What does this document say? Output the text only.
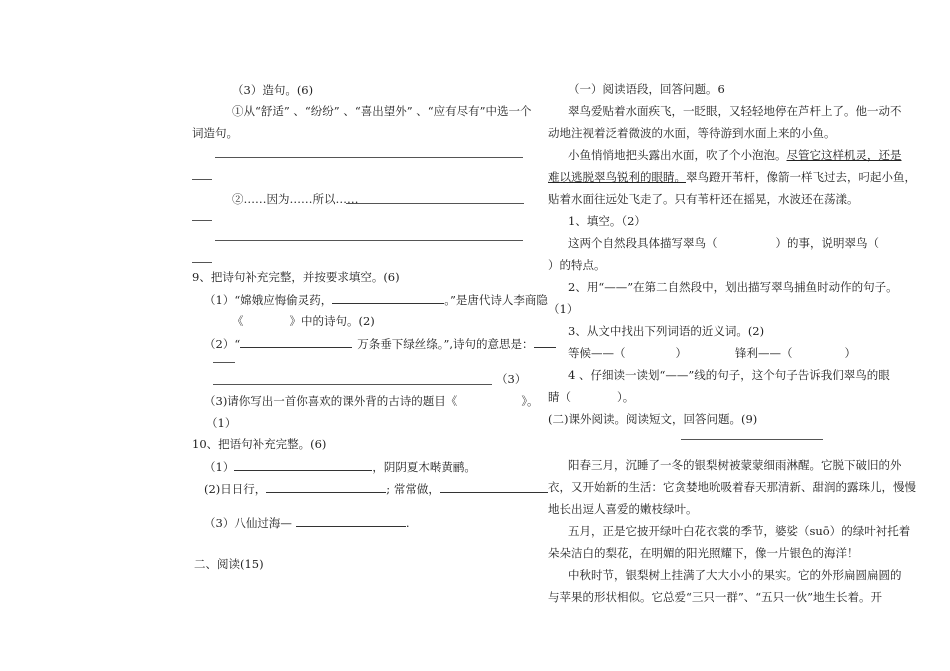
（3）造句。(6)
①从“舒适” 、“纷纷” 、“喜出望外” 、“应有尽有”中选一个
词造句。
②……因为……所以……
9、把诗句补充完整，并按要求填空。(6)
（1）“嫦娥应悔偷灵药，	。”是唐代诗人李商隐
《	》中的诗句。(2)
（2）“	万条垂下绿丝绦。”,诗句的意思是：
（3）
（3)请你写出一首你喜欢的课外背的古诗的题目《	》。
（1）
10、把语句补充完整。(6)
（1）	，阴阴夏木啭黄鹂。
(2)日日行，	; 常常做，
（3）八仙过海—	.
二、阅读(15)
（一）阅读语段，回答问题。6
翠鸟爱贴着水面疾飞，一眨眼，又轻轻地停在芦杆上了。他一动不
动地注视着泛着微波的水面，等待游到水面上来的小鱼。
小鱼悄悄地把头露出水面，吹了个小泡泡。尽管它这样机灵，还是
难以逃脱翠鸟锐利的眼睛。翠鸟蹬开苇杆，像箭一样飞过去，叼起小鱼，
贴着水面往远处飞走了。只有苇杆还在摇晃，水波还在荡漾。
1、填空。（2）
这两个自然段具体描写翠鸟（	）的事，说明翠鸟（
）的特点。
2、用“——”在第二自然段中，划出描写翠鸟捕鱼时动作的句子。
（1）
3、从文中找出下列词语的近义词。(2)
等候——（	）	锋利——（	）
4 、仔细读一读划“——”线的句子，这个句子告诉我们翠鸟的眼
睛（	）。
(二)课外阅读。阅读短文，回答问题。(9)
阳春三月，沉睡了一冬的银梨树被蒙蒙细雨淋醒。它脱下破旧的外
衣，又开始新的生活：它贪婪地吮吸着春天那清新、甜润的露珠儿，慢慢
地长出逗人喜爱的嫩枝绿叶。
五月，正是它披开绿叶白花衣裳的季节，婆娑（suō）的绿叶衬托着
朵朵洁白的梨花，在明媚的阳光照耀下，像一片银色的海洋！
中秋时节，银梨树上挂满了大大小小的果实。它的外形扁圆扁圆的
与苹果的形状相似。它总爱“三只一群”、“五只一伙”地生长着。开
